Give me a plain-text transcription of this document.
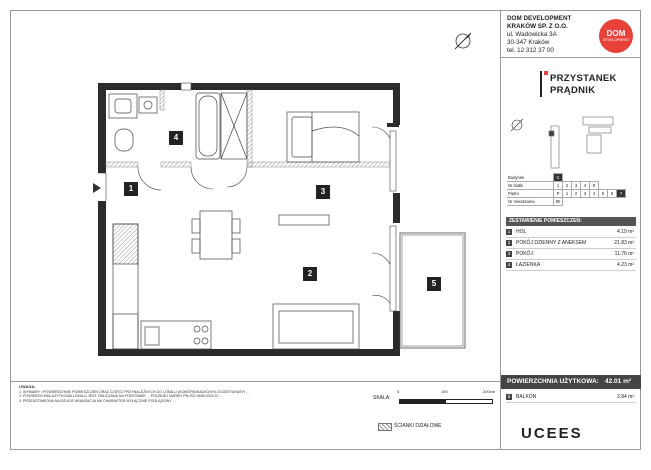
1
2
3
4
5
UWAGA:
1. WYMIARY I POWIERZCHNIE POMIESZCZEŃ ORAZ CZĘŚCI PRZYNALEŻNYCH DO LOKALU (KOMÓRKI/BALKONY/LOGGIE/TARASY) ...
2. POWIERZCHNIA UŻYTKOWA LOKALU JEST OBLICZANA NA PODSTAWIE ... POLSKIEJ NORMY PN-ISO 9836:2022-07 ...
3. PRZEDSTAWIONA NA RZUCIE ARANŻACJA MA CHARAKTER WYŁĄCZNIE POGLĄDOWY ...	SKALA:
0	100	200cm
ŚCIANKI DZIAŁOWE
DOM DEVELOPMENT
KRAKÓW SP. Z O.O.
ul. Wadowicka 3A
30-347 Kraków
tel. 12 312 37 00
DOM
DEVELOPMENT
PRZYSTANEK
PRĄDNIK
Budynek	C							
Nr klatki	1	2	3	4	5			
Piętro	P	1	2	3	4	5	6	7
Nr mieszkania	90							
ZESTAWIENIE POMIESZCZEŃ:
1	HOL	4.19 m²
2	POKÓJ DZIENNY Z ANEKSEM	21.83 m²
3	POKÓJ	11.76 m²
4	ŁAZIENKA	4.23 m²
POWIERZCHNIA UŻYTKOWA: 42.01 m²
5	BALKON	3.84 m²
UCEES
